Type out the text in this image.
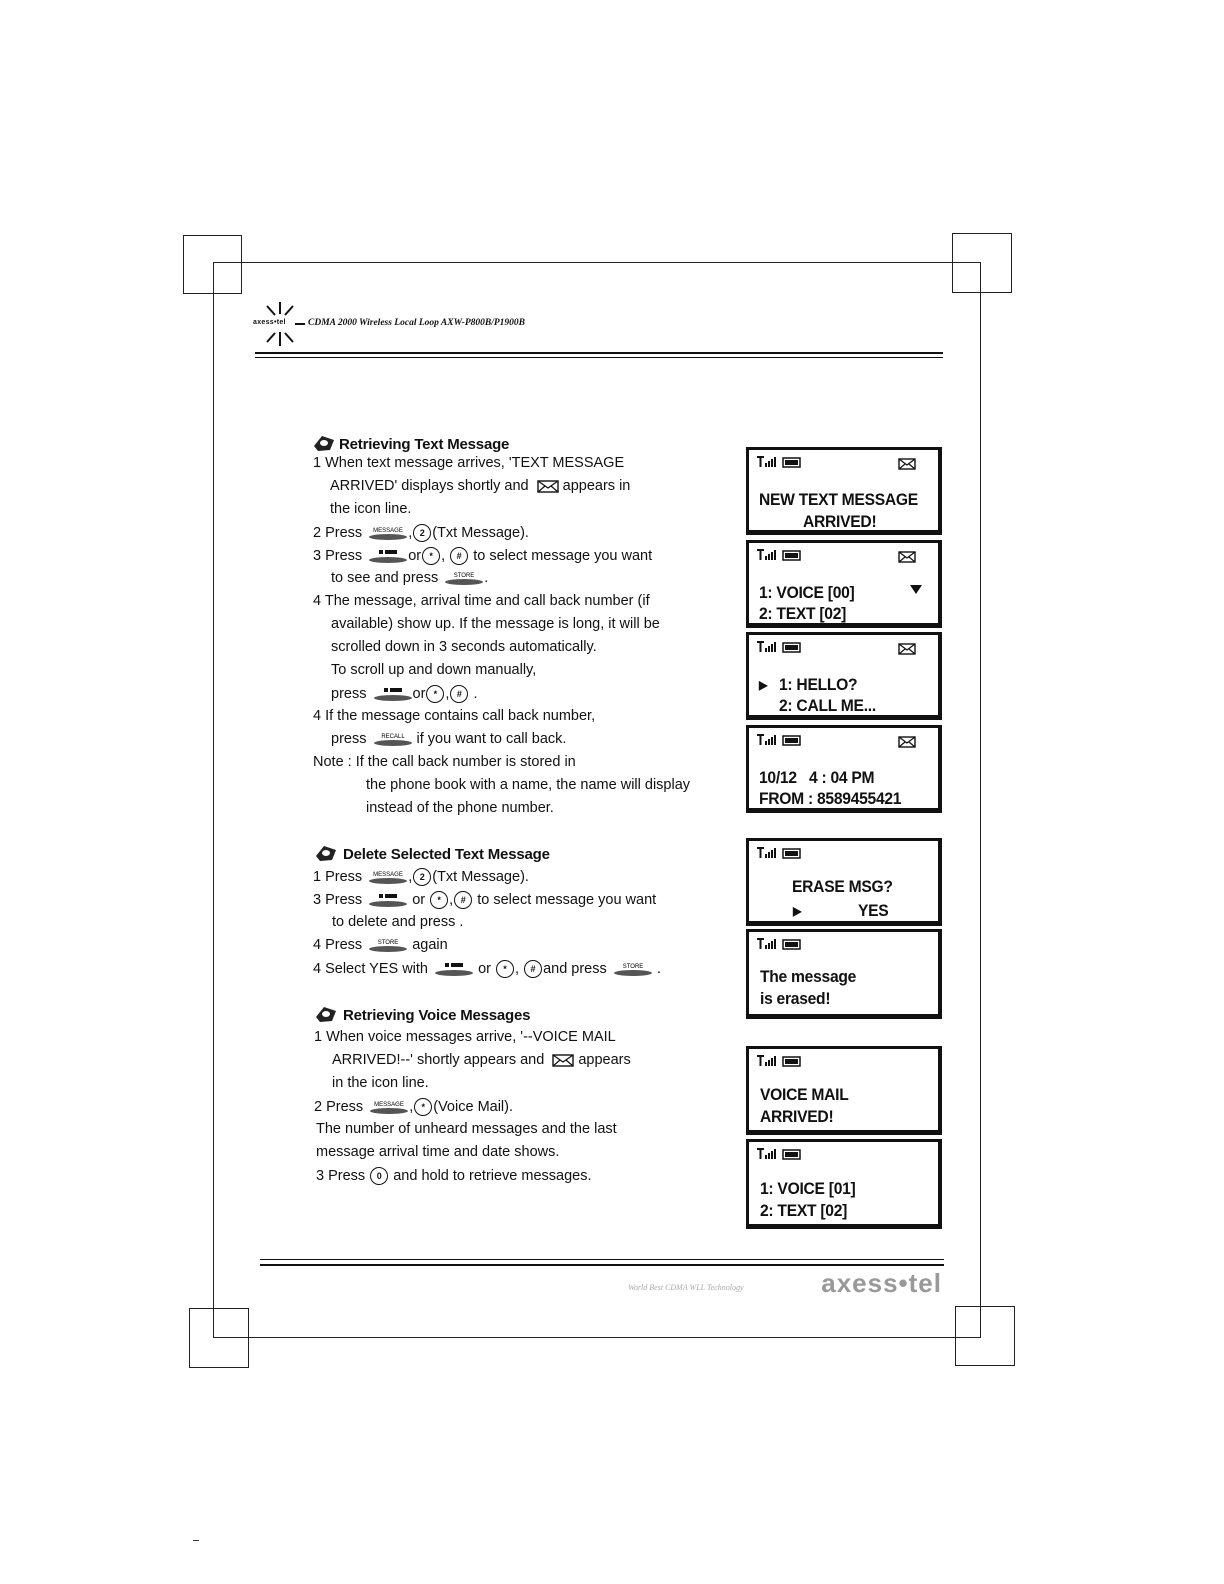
axess•tel CDMA 2000 Wireless Local Loop AXW-P800B/P1900B
Retrieving Text Message
1 When text message arrives, 'TEXT MESSAGE
ARRIVED' displays shortly and appears in
the icon line.
2 Press MESSAGE , 2 (Txt Message).
3 Press	or * , # to select message you want
to see and press	STORE .
4 The message, arrival time and call back number (if
available) show up. If the message is long, it will be
scrolled down in 3 seconds automatically.
To scroll up and down manually,
press	or * , # .
4 If the message contains call back number,
press RECALL if you want to call back.
Note : If the call back number is stored in
the phone book with a name, the name will display
instead of the phone number.
Delete Selected Text Message
1 Press MESSAGE , 2 (Txt Message).
3 Press	or * , # to select message you want
to delete and press .
4 Press	STORE again
4 Select YES with	or * , # and press	STORE .
Retrieving Voice Messages
1 When voice messages arrive, '--VOICE MAIL
ARRIVED!--' shortly appears and appears
in the icon line.
2 Press MESSAGE , * (Voice Mail).
The number of unheard messages and the last
message arrival time and date shows.
3 Press 0 and hold to retrieve messages.
NEW TEXT MESSAGE
ARRIVED!
1: VOICE [00]
2: TEXT [02]
▶ 1: HELLO?
2: CALL ME...
10/12   4 : 04 PM
FROM : 8589455421
ERASE MSG?
▶	YES
The message
is erased!
VOICE MAIL
ARRIVED!
1: VOICE [01]
2: TEXT [02]
World Best CDMA WLL Technology	axess•tel
